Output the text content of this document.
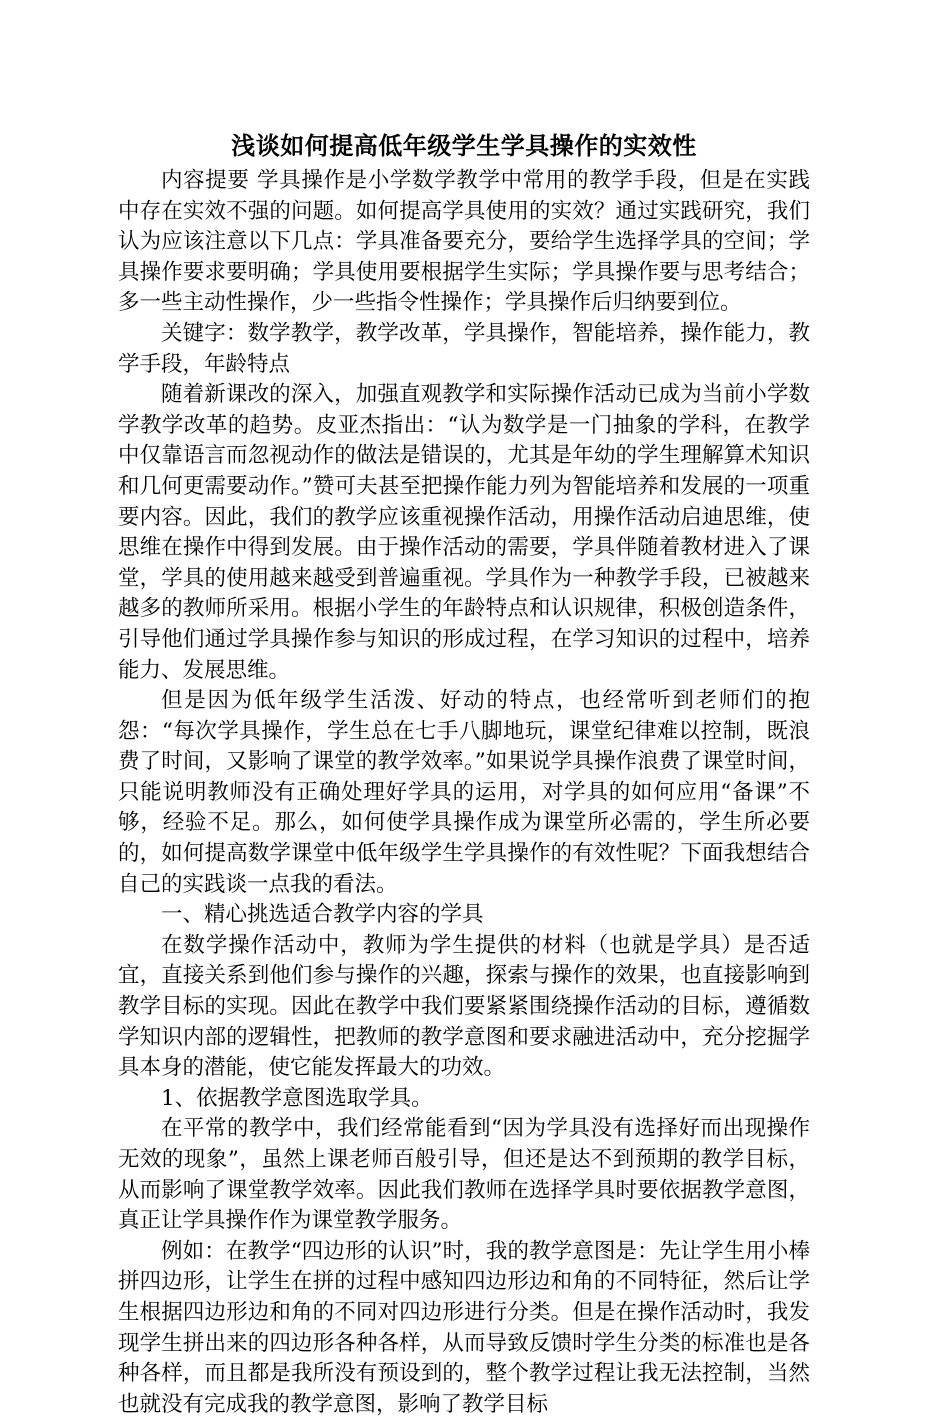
浅谈如何提高低年级学生学具操作的实效性

内容提要 学具操作是小学数学教学中常用的教学手段，但是在实践中存在实效不强的问题。如何提高学具使用的实效？通过实践研究，我们认为应该注意以下几点：学具准备要充分，要给学生选择学具的空间；学具操作要求要明确；学具使用要根据学生实际；学具操作要与思考结合；多一些主动性操作，少一些指令性操作；学具操作后归纳要到位。

关键字：数学教学，教学改革，学具操作，智能培养，操作能力，教学手段，年龄特点

随着新课改的深入，加强直观教学和实际操作活动已成为当前小学数学教学改革的趋势。皮亚杰指出：“认为数学是一门抽象的学科，在教学中仅靠语言而忽视动作的做法是错误的，尤其是年幼的学生理解算术知识和几何更需要动作。”赞可夫甚至把操作能力列为智能培养和发展的一项重要内容。因此，我们的教学应该重视操作活动，用操作活动启迪思维，使思维在操作中得到发展。由于操作活动的需要，学具伴随着教材进入了课堂，学具的使用越来越受到普遍重视。学具作为一种教学手段，已被越来越多的教师所采用。根据小学生的年龄特点和认识规律，积极创造条件，引导他们通过学具操作参与知识的形成过程，在学习知识的过程中，培养能力、发展思维。

但是因为低年级学生活泼、好动的特点，也经常听到老师们的抱怨：“每次学具操作，学生总在七手八脚地玩，课堂纪律难以控制，既浪费了时间，又影响了课堂的教学效率。”如果说学具操作浪费了课堂时间，只能说明教师没有正确处理好学具的运用，对学具的如何应用“备课”不够，经验不足。那么，如何使学具操作成为课堂所必需的，学生所必要的，如何提高数学课堂中低年级学生学具操作的有效性呢？下面我想结合自己的实践谈一点我的看法。

一、精心挑选适合教学内容的学具

在数学操作活动中，教师为学生提供的材料（也就是学具）是否适宜，直接关系到他们参与操作的兴趣，探索与操作的效果，也直接影响到教学目标的实现。因此在教学中我们要紧紧围绕操作活动的目标，遵循数学知识内部的逻辑性，把教师的教学意图和要求融进活动中，充分挖掘学具本身的潜能，使它能发挥最大的功效。

1、依据教学意图选取学具。

在平常的教学中，我们经常能看到“因为学具没有选择好而出现操作无效的现象”，虽然上课老师百般引导，但还是达不到预期的教学目标，从而影响了课堂教学效率。因此我们教师在选择学具时要依据教学意图，真正让学具操作作为课堂教学服务。

例如：在教学“四边形的认识”时，我的教学意图是：先让学生用小棒拼四边形，让学生在拼的过程中感知四边形边和角的不同特征，然后让学生根据四边形边和角的不同对四边形进行分类。但是在操作活动时，我发现学生拼出来的四边形各种各样，从而导致反馈时学生分类的标准也是各种各样，而且都是我所没有预设到的，整个教学过程让我无法控制，当然也就没有完成我的教学意图，影响了教学目标
